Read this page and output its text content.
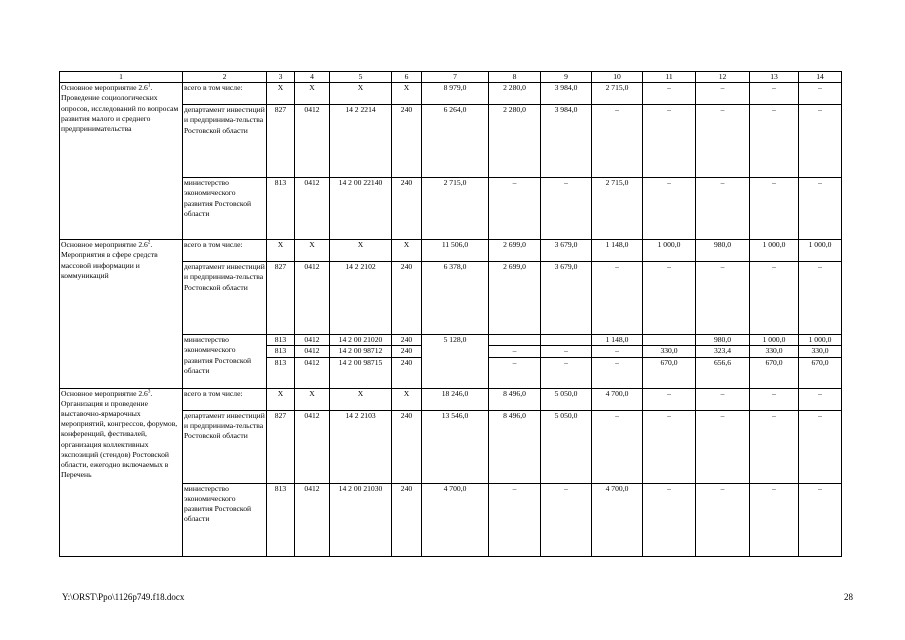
1	2	3	4	5	6	7	8	9	10	11	12	13	14
Основное мероприятие $2.6^1$.
Проведение социологических опросов, исследований по вопросам развития малого и среднего предпринимательства	всего в том числе:	Х	Х	Х	Х	8 979,0	2 280,0	3 984,0	2 715,0	–	–	–	–
	департамент инвестиций и предпринима-тельства Ростовской области	827	0412	14 2 2214	240	6 264,0	2 280,0	3 984,0	–	–	–	–	–
	министерство экономического развития Ростовской области	813	0412	14 2 00 22140	240	2 715,0	–	–	2 715,0	–	–	–	–
Основное мероприятие $2.6^2$.
Мероприятия в сфере средств массовой информации и коммуникаций	всего в том числе:	Х	Х	Х	Х	11 506,0	2 699,0	3 679,0	1 148,0	1 000,0	980,0	1 000,0	1 000,0
	департамент инвестиций и предпринима-тельства Ростовской области	827	0412	14 2 2102	240	6 378,0	2 699,0	3 679,0	–	–	–	–	–
	министерство экономического развития Ростовской области	813	0412	14 2 00 21020	240	5 128,0			1 148,0		980,0	1 000,0	1 000,0
		813	0412	14 2 00 98712	240		–	–	–	330,0	323,4	330,0	330,0
		813	0412	14 2 00 98715	240		–	–	–	670,0	656,6	670,0	670,0
Основное мероприятие $2.6^3$.
Организация и проведение выставочно-ярмарочных мероприятий, конгрессов, форумов, конференций, фестивалей, организация коллективных экспозиций (стендов) Ростовской области, ежегодно включаемых в Перечень	всего в том числе:	Х	Х	Х	Х	18 246,0	8 496,0	5 050,0	4 700,0	–	–	–	–
	департамент инвестиций и предпринима-тельства Ростовской области	827	0412	14 2 2103	240	13 546,0	8 496,0	5 050,0	–	–	–	–	–
	министерство экономического развития Ростовской области	813	0412	14 2 00 21030	240	4 700,0	–	–	4 700,0	–	–	–	–
Y:\ORST\Ppo\1126p749.f18.docx	28
